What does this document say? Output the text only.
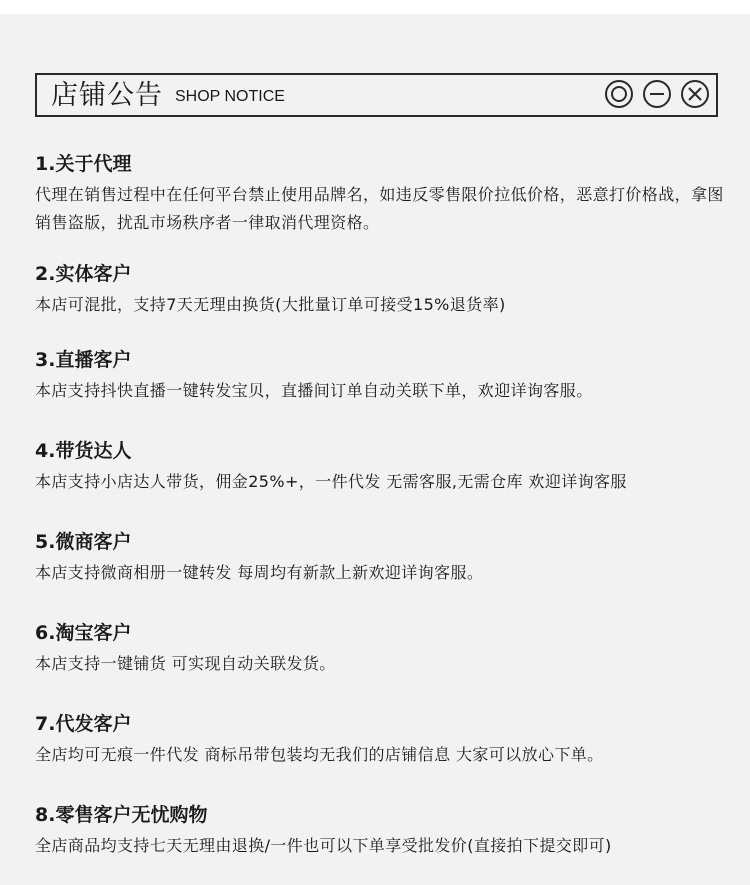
店铺公告 SHOP NOTICE

1.关于代理

代理在销售过程中在任何平台禁止使用品牌名，如违反零售限价拉低价格，恶意打价格战，拿图销售盗版，扰乱市场秩序者一律取消代理资格。

2.实体客户

本店可混批，支持7天无理由换货(大批量订单可接受15%退货率)

3.直播客户

本店支持抖快直播一键转发宝贝，直播间订单自动关联下单，欢迎详询客服。

4.带货达人

本店支持小店达人带货，佣金25%+，一件代发 无需客服,无需仓库 欢迎详询客服

5.微商客户

本店支持微商相册一键转发 每周均有新款上新欢迎详询客服。

6.淘宝客户

本店支持一键铺货 可实现自动关联发货。

7.代发客户

全店均可无痕一件代发 商标吊带包装均无我们的店铺信息 大家可以放心下单。

8.零售客户无忧购物

全店商品均支持七天无理由退换/一件也可以下单享受批发价(直接拍下提交即可)
